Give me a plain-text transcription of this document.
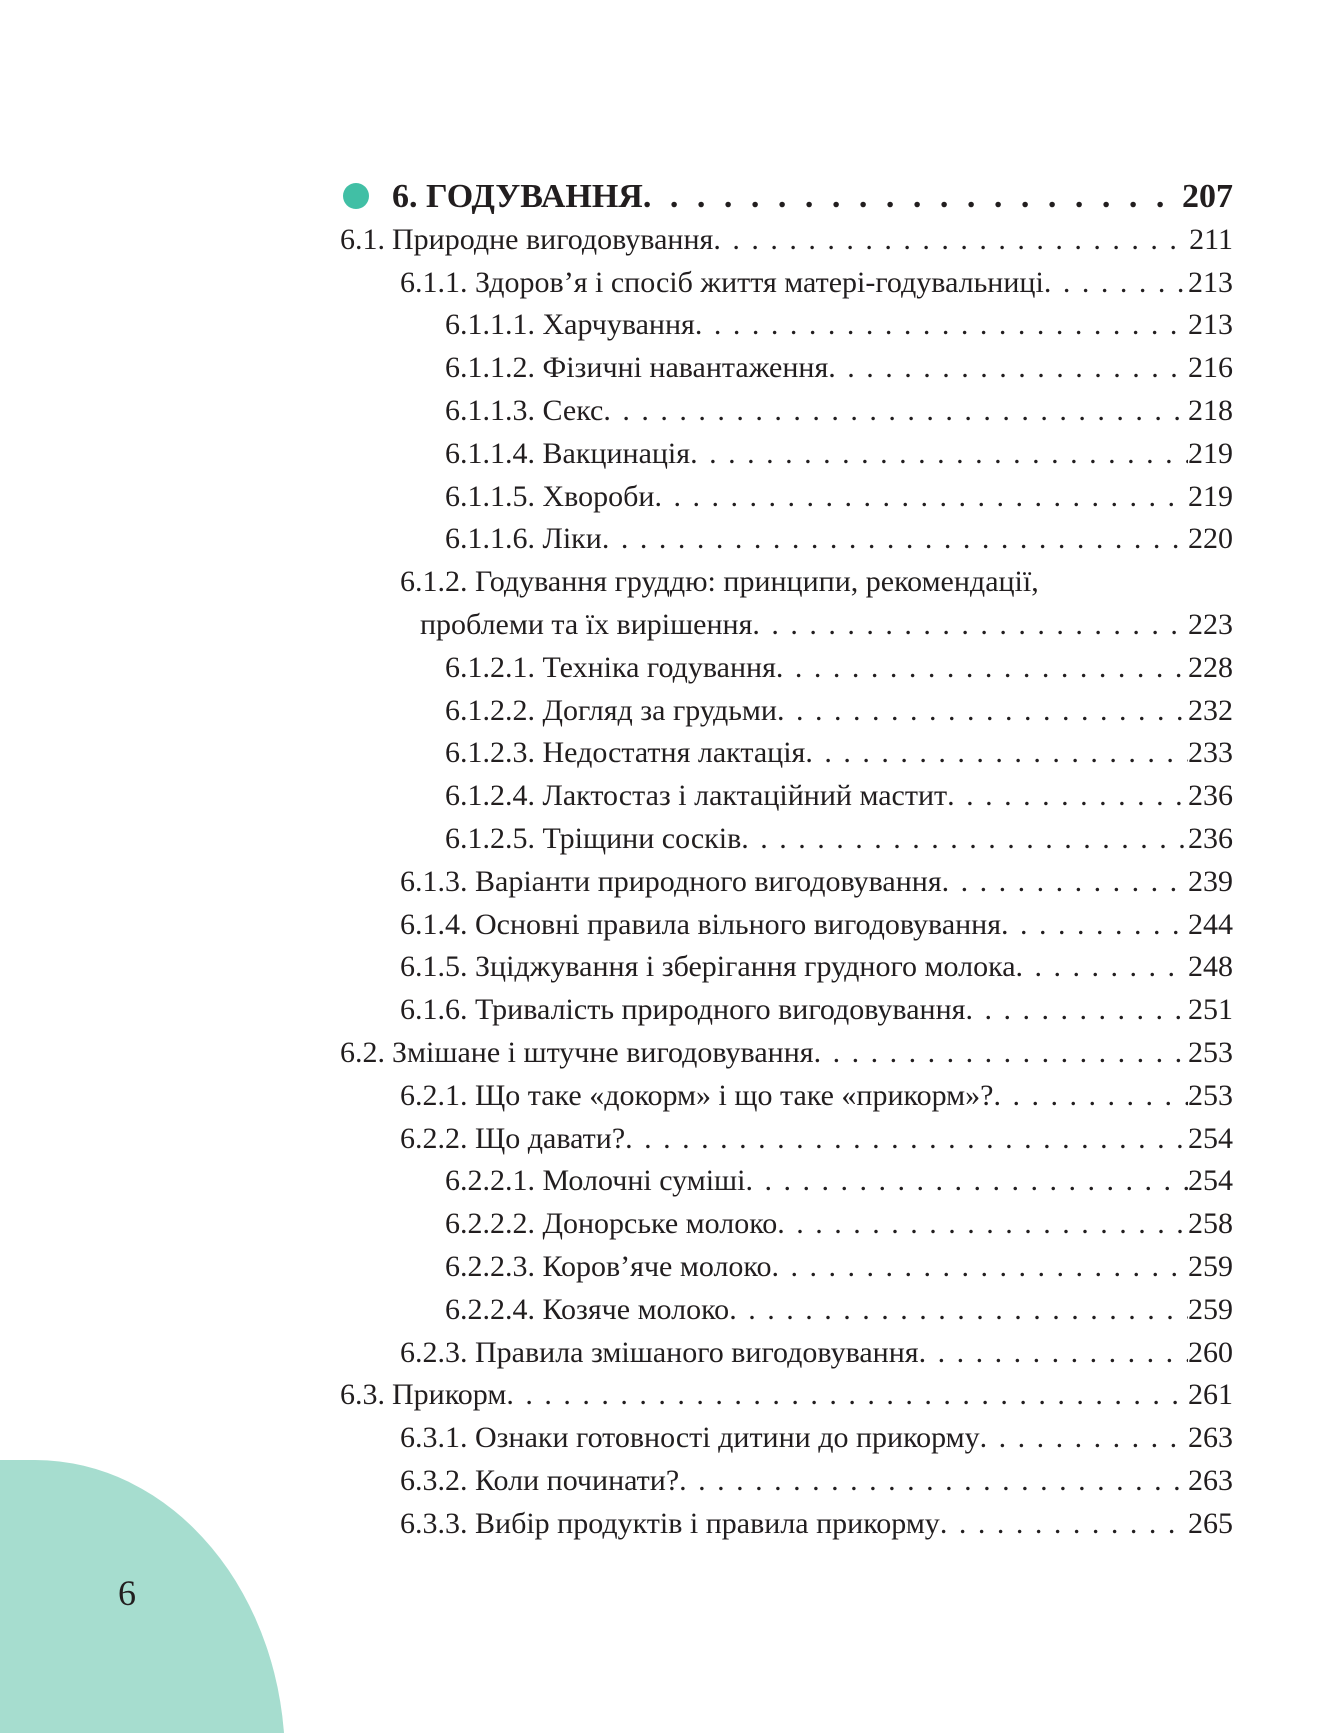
6. ГОДУВАННЯ . . .	207
6.1. Природне вигодовування . . .	211
6.1.1. Здоров’я і спосіб життя матері-годувальниці . . .	213
6.1.1.1. Харчування . . .	213
6.1.1.2. Фізичні навантаження . . .	216
6.1.1.3. Секс . . .	218
6.1.1.4. Вакцинація . . .	219
6.1.1.5. Хвороби . . .	219
6.1.1.6. Ліки . . .	220
6.1.2. Годування груддю: принципи, рекомендації,
проблеми та їх вирішення . . .	223
6.1.2.1. Техніка годування . . .	228
6.1.2.2. Догляд за грудьми . . .	232
6.1.2.3. Недостатня лактація . . .	233
6.1.2.4. Лактостаз і лактаційний мастит . . .	236
6.1.2.5. Тріщини сосків . . .	236
6.1.3. Варіанти природного вигодовування . . .	239
6.1.4. Основні правила вільного вигодовування . . .	244
6.1.5. Зціджування і зберігання грудного молока . . .	248
6.1.6. Тривалість природного вигодовування . . .	251
6.2. Змішане і штучне вигодовування . . .	253
6.2.1. Що таке «докорм» і що таке «прикорм»? . . .	253
6.2.2. Що давати? . . .	254
6.2.2.1. Молочні суміші . . .	254
6.2.2.2. Донорське молоко . . .	258
6.2.2.3. Коров’яче молоко . . .	259
6.2.2.4. Козяче молоко . . .	259
6.2.3. Правила змішаного вигодовування . . .	260
6.3. Прикорм . . .	261
6.3.1. Ознаки готовності дитини до прикорму . . .	263
6.3.2. Коли починати? . . .	263
6.3.3. Вибір продуктів і правила прикорму . . .	265
6
